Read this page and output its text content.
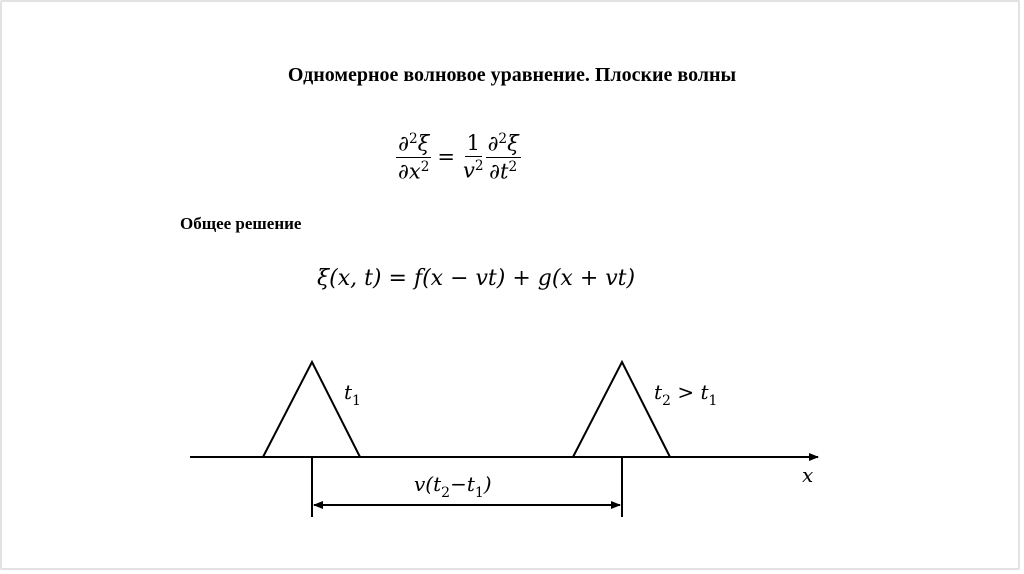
Одномерное волновое уравнение. Плоские волны
$\frac{\partial^2\xi}{\partial x^2} = \frac{1}{v^2} \frac{\partial^2\xi}{\partial t^2}$
Общее решение
ξ(x, t) = f(x − vt) + g(x + vt)
x
$t_1$	$t_2 > t_1$
$v(t_2-t_1)$
